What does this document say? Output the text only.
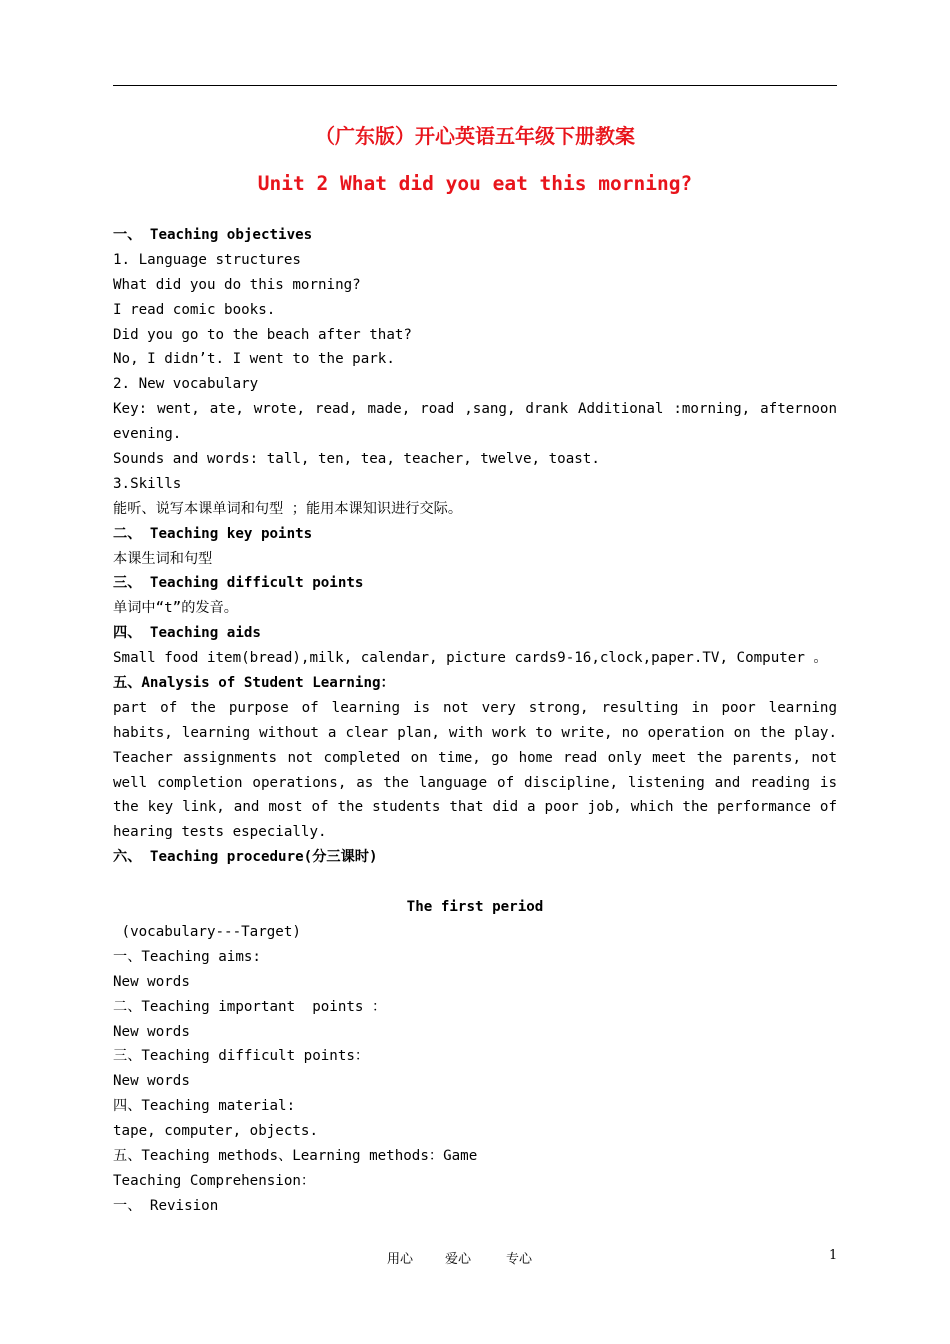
（广东版）开心英语五年级下册教案
Unit 2 What did you eat this morning?
一、 Teaching objectives
1. Language structures
What did you do this morning?
I read comic books.
Did you go to the beach after that?
No, I didn’t. I went to the park.
2. New vocabulary
Key: went, ate, wrote, read, made, road ,sang, drank Additional :morning, afternoon
evening.
Sounds and words: tall, ten, tea, teacher, twelve, toast.
3.Skills
能听、说写本课单词和句型 ；能用本课知识进行交际。
二、 Teaching key points
本课生词和句型
三、 Teaching difficult points
单词中“t”的发音。
四、 Teaching aids
Small food item(bread),milk, calendar, picture cards9-16,clock,paper.TV, Computer 。
五、Analysis of Student Learning：
part of the purpose of learning is not very strong, resulting in poor learning
habits, learning without a clear plan, with work to write, no operation on the play.
Teacher assignments not completed on time, go home read only meet the parents, not
well completion operations, as the language of discipline, listening and reading is
the key link, and most of the students that did a poor job, which the performance of
hearing tests especially.
六、 Teaching procedure(分三课时)
The first period
(vocabulary---Target)
一、Teaching aims:
New words
二、Teaching important  points ：
New words
三、Teaching difficult points：
New words
四、Teaching material:
tape, computer, objects.
五、Teaching methods、Learning methods：Game
Teaching Comprehension：
一、 Revision
用心 爱心	专心	1
